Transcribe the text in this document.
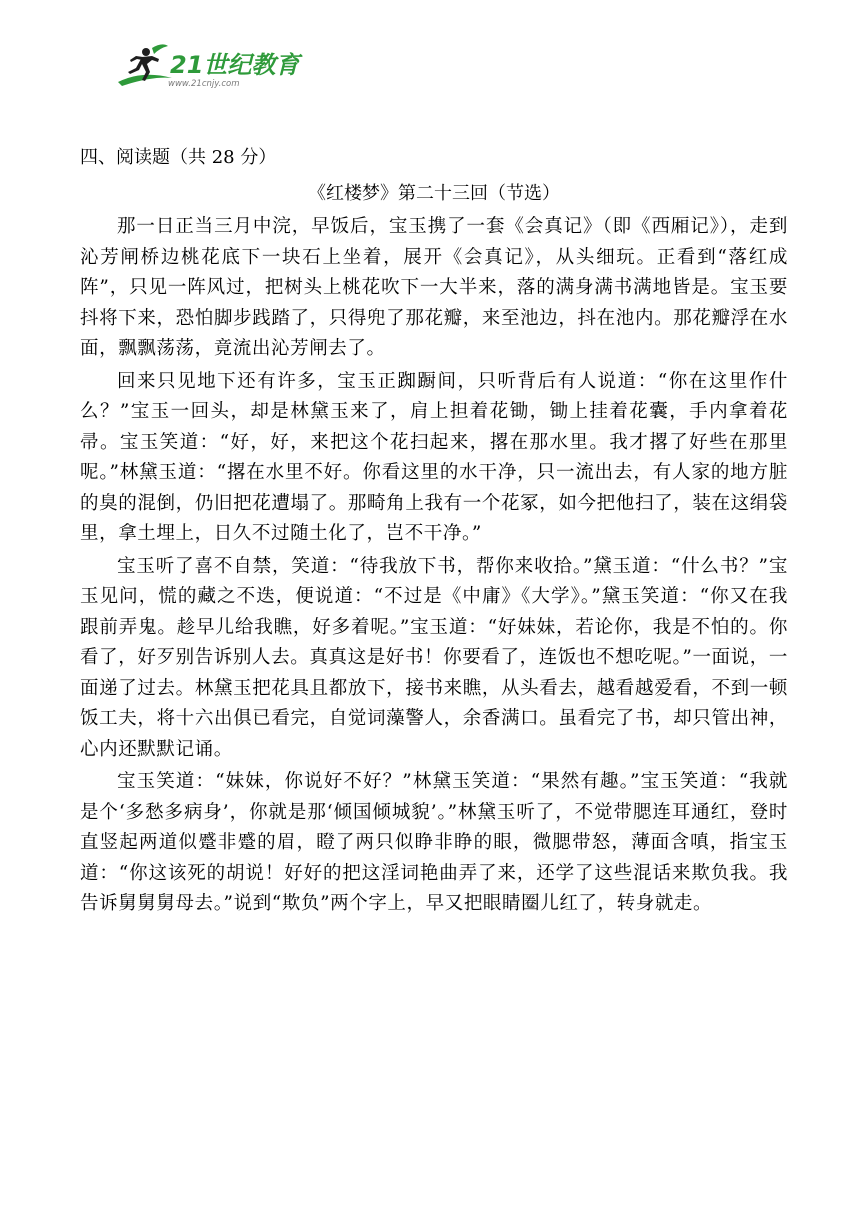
21世纪教育
www.21cnjy.com

四、阅读题（共 28 分）

《红楼梦》第二十三回（节选）

那一日正当三月中浣，早饭后，宝玉携了一套《会真记》（即《西厢记》），走到沁芳闸桥边桃花底下一块石上坐着，展开《会真记》，从头细玩。正看到“落红成阵”，只见一阵风过，把树头上桃花吹下一大半来，落的满身满书满地皆是。宝玉要抖将下来，恐怕脚步践踏了，只得兜了那花瓣，来至池边，抖在池内。那花瓣浮在水面，飘飘荡荡，竟流出沁芳闸去了。

回来只见地下还有许多，宝玉正踟蹰间，只听背后有人说道：“你在这里作什么？”宝玉一回头，却是林黛玉来了，肩上担着花锄，锄上挂着花囊，手内拿着花帚。宝玉笑道：“好，好，来把这个花扫起来，撂在那水里。我才撂了好些在那里呢。”林黛玉道：“撂在水里不好。你看这里的水干净，只一流出去，有人家的地方脏的臭的混倒，仍旧把花遭塌了。那畸角上我有一个花冢，如今把他扫了，装在这绢袋里，拿土埋上，日久不过随土化了，岂不干净。”

宝玉听了喜不自禁，笑道：“待我放下书，帮你来收拾。”黛玉道：“什么书？”宝玉见问，慌的藏之不迭，便说道：“不过是《中庸》《大学》。”黛玉笑道：“你又在我跟前弄鬼。趁早儿给我瞧，好多着呢。”宝玉道：“好妹妹，若论你，我是不怕的。你看了，好歹别告诉别人去。真真这是好书！你要看了，连饭也不想吃呢。”一面说，一面递了过去。林黛玉把花具且都放下，接书来瞧，从头看去，越看越爱看，不到一顿饭工夫，将十六出俱已看完，自觉词藻警人，余香满口。虽看完了书，却只管出神，心内还默默记诵。

宝玉笑道：“妹妹，你说好不好？”林黛玉笑道：“果然有趣。”宝玉笑道：“我就是个‘多愁多病身’，你就是那‘倾国倾城貌’。”林黛玉听了，不觉带腮连耳通红，登时直竖起两道似蹙非蹙的眉，瞪了两只似睁非睁的眼，微腮带怒，薄面含嗔，指宝玉道：“你这该死的胡说！好好的把这淫词艳曲弄了来，还学了这些混话来欺负我。我告诉舅舅舅母去。”说到“欺负”两个字上，早又把眼睛圈儿红了，转身就走。
